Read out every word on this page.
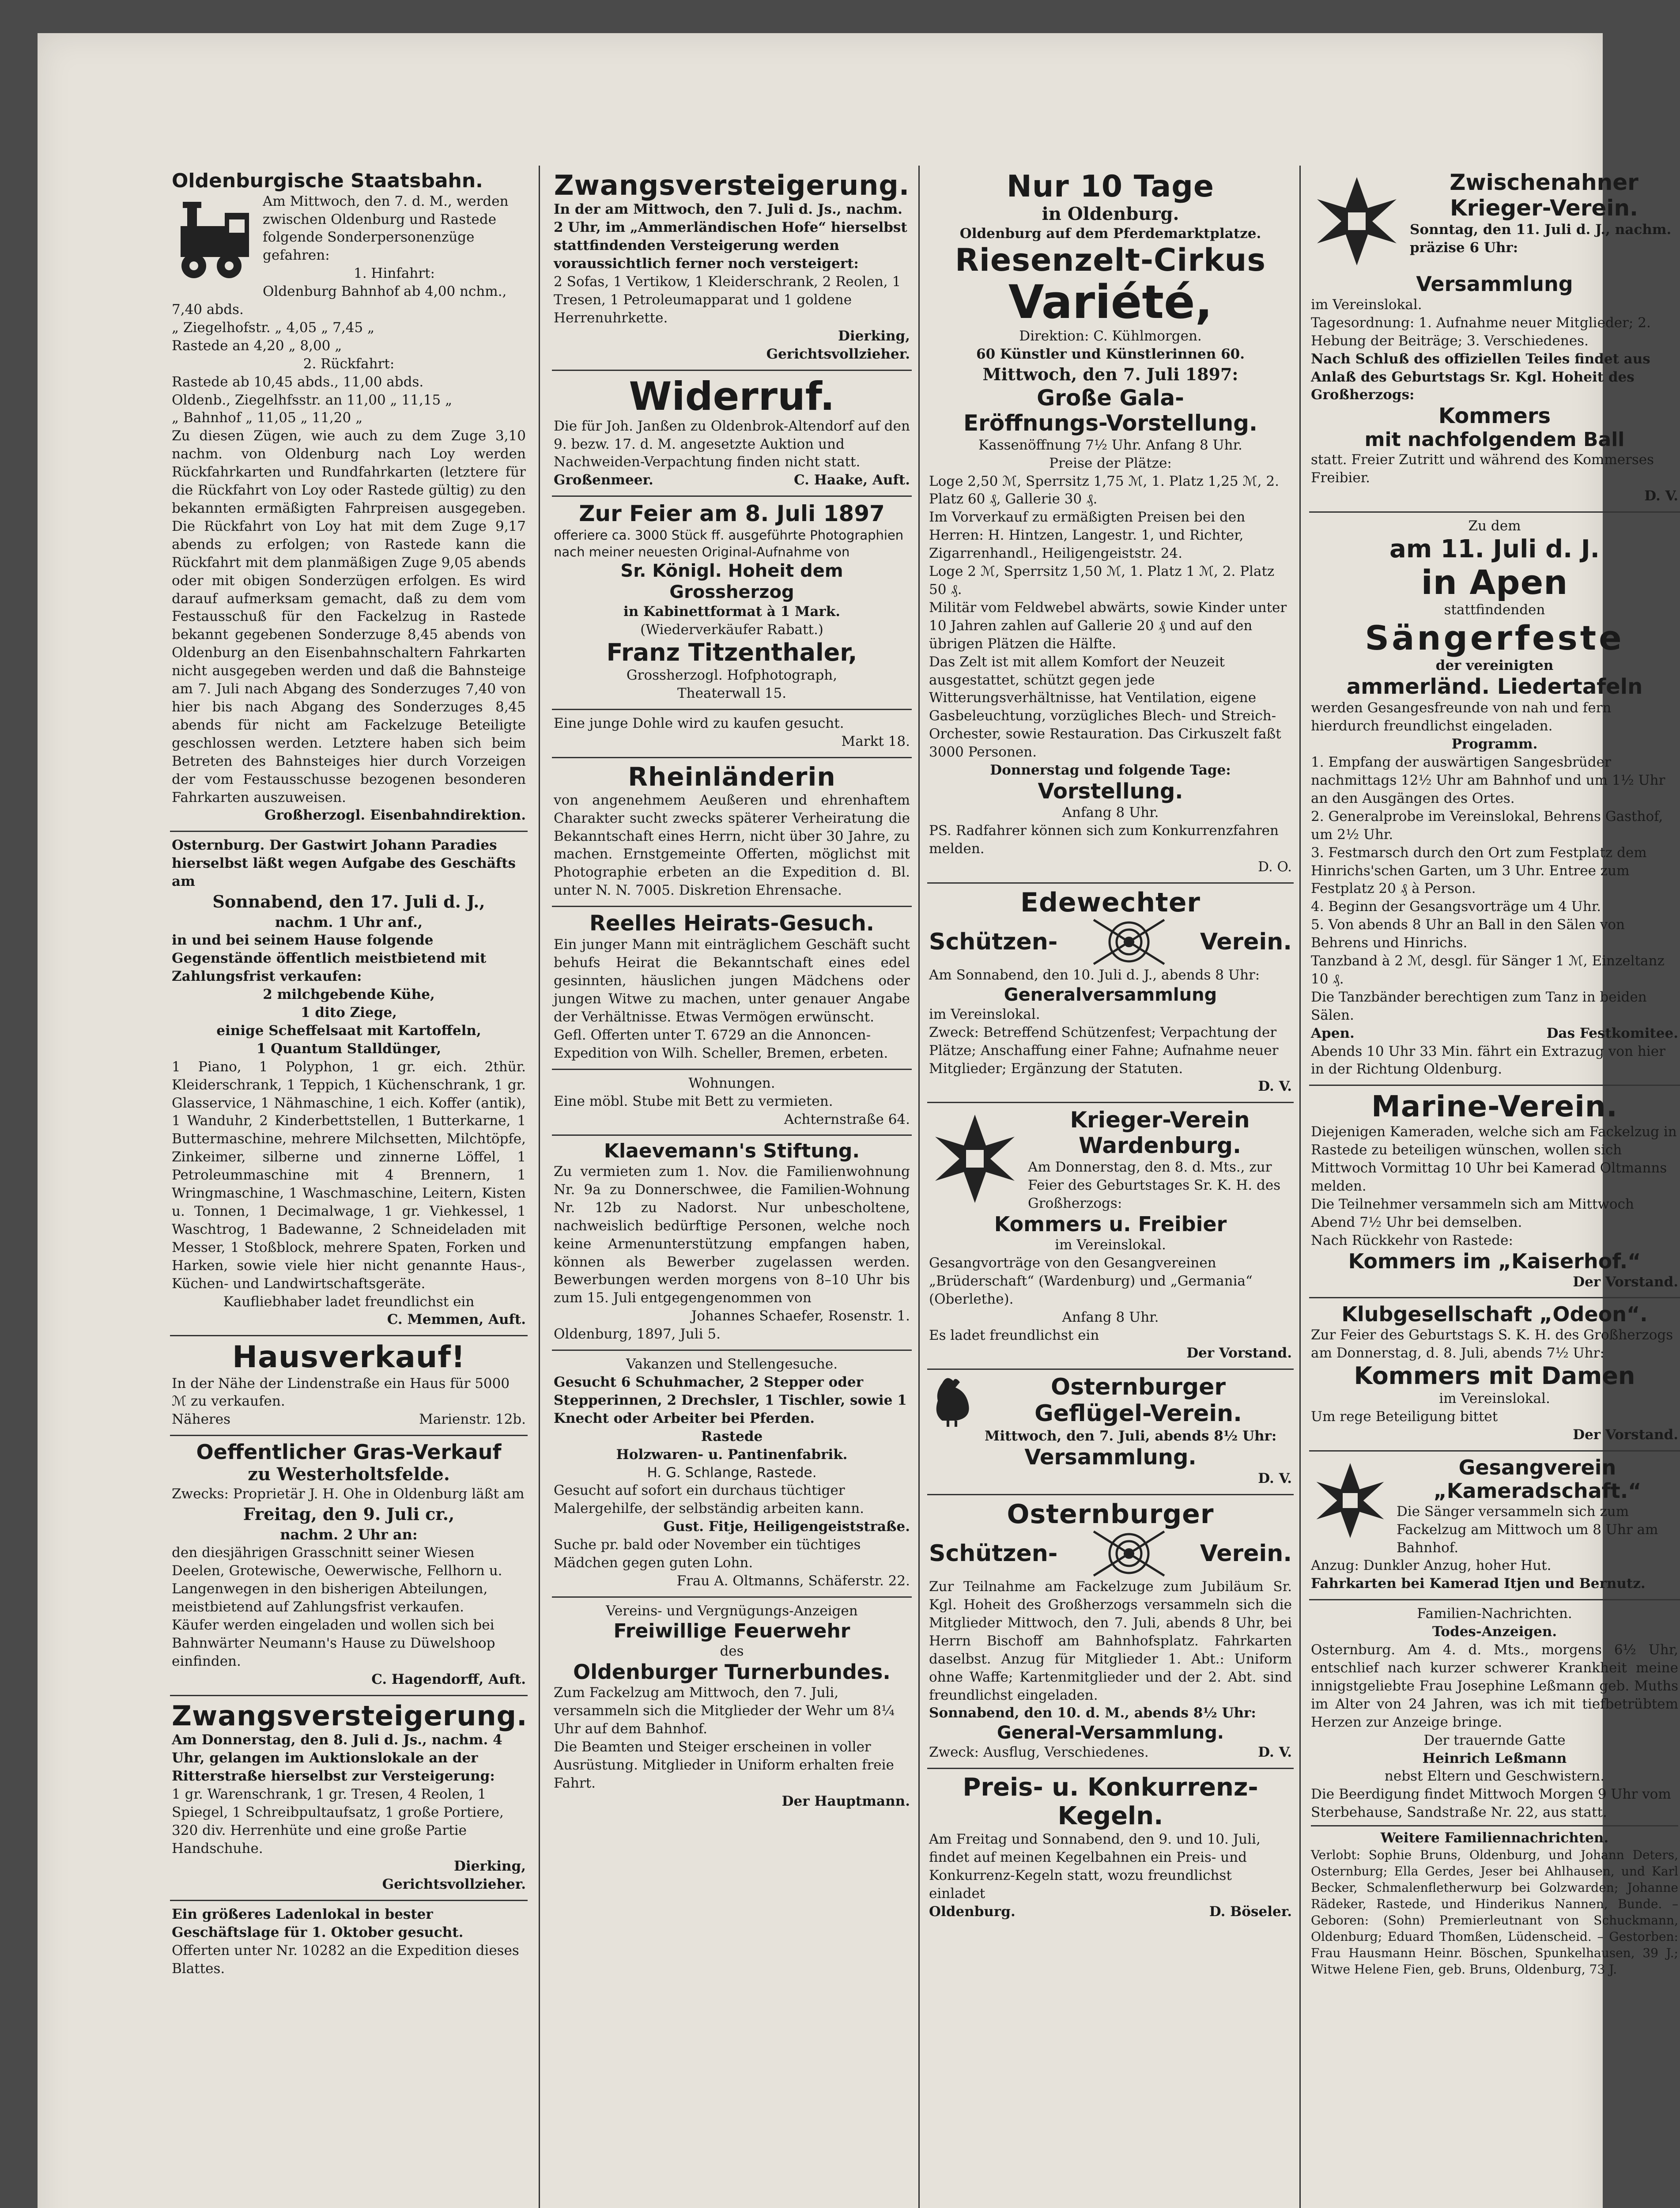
Oldenburgische Staatsbahn.
Am Mittwoch, den 7. d. M., werden zwischen Oldenburg und Rastede folgende Sonderpersonenzüge gefahren:
1. Hinfahrt:
Oldenburg Bahnhof ab 4,00 nchm., 7,40 abds.
„ Ziegelhofstr. „ 4,05 „ 7,45 „
Rastede an 4,20 „ 8,00 „
2. Rückfahrt:
Rastede ab 10,45 abds., 11,00 abds.
Oldenb., Ziegelhfsstr. an 11,00 „ 11,15 „
„ Bahnhof „ 11,05 „ 11,20 „
Zu diesen Zügen, wie auch zu dem Zuge 3,10 nachm. von Oldenburg nach Loy werden Rückfahrkarten und Rundfahrkarten (letztere für die Rückfahrt von Loy oder Rastede gültig) zu den bekannten ermäßigten Fahrpreisen ausgegeben. Die Rückfahrt von Loy hat mit dem Zuge 9,17 abends zu erfolgen; von Rastede kann die Rückfahrt mit dem planmäßigen Zuge 9,05 abends oder mit obigen Sonderzügen erfolgen. Es wird darauf aufmerksam gemacht, daß zu dem vom Festausschuß für den Fackelzug in Rastede bekannt gegebenen Sonderzuge 8,45 abends von Oldenburg an den Eisenbahnschaltern Fahrkarten nicht ausgegeben werden und daß die Bahnsteige am 7. Juli nach Abgang des Sonderzuges 7,40 von hier bis nach Abgang des Sonderzuges 8,45 abends für nicht am Fackelzuge Beteiligte geschlossen werden. Letztere haben sich beim Betreten des Bahnsteiges hier durch Vorzeigen der vom Festausschusse bezogenen besonderen Fahrkarten auszuweisen.
Großherzogl. Eisenbahndirektion.
Osternburg. Der Gastwirt Johann Paradies hierselbst läßt wegen Aufgabe des Geschäfts am
Sonnabend, den 17. Juli d. J.,
nachm. 1 Uhr anf.,
in und bei seinem Hause folgende Gegenstände öffentlich meistbietend mit Zahlungsfrist verkaufen:
2 milchgebende Kühe,
1 dito Ziege,
einige Scheffelsaat mit Kartoffeln,
1 Quantum Stalldünger,
1 Piano, 1 Polyphon, 1 gr. eich. 2thür. Kleiderschrank, 1 Teppich, 1 Küchenschrank, 1 gr. Glasservice, 1 Nähmaschine, 1 eich. Koffer (antik), 1 Wanduhr, 2 Kinderbettstellen, 1 Butterkarne, 1 Buttermaschine, mehrere Milchsetten, Milchtöpfe, Zinkeimer, silberne und zinnerne Löffel, 1 Petroleummaschine mit 4 Brennern, 1 Wringmaschine, 1 Waschmaschine, Leitern, Kisten u. Tonnen, 1 Decimalwage, 1 gr. Viehkessel, 1 Waschtrog, 1 Badewanne, 2 Schneideladen mit Messer, 1 Stoßblock, mehrere Spaten, Forken und Harken, sowie viele hier nicht genannte Haus-, Küchen- und Landwirtschaftsgeräte.
Kaufliebhaber ladet freundlichst ein
C. Memmen, Auft.
Hausverkauf!
In der Nähe der Lindenstraße ein Haus für 5000 ℳ zu verkaufen.
Näheres	Marienstr. 12b.
Oeffentlicher Gras-Verkauf
zu Westerholtsfelde.
Zwecks: Proprietär J. H. Ohe in Oldenburg läßt am
Freitag, den 9. Juli cr.,
nachm. 2 Uhr an:
den diesjährigen Grasschnitt seiner Wiesen Deelen, Grotewische, Oewerwische, Fellhorn u. Langenwegen in den bisherigen Abteilungen, meistbietend auf Zahlungsfrist verkaufen.
Käufer werden eingeladen und wollen sich bei Bahnwärter Neumann's Hause zu Düwelshoop einfinden.
C. Hagendorff, Auft.
Zwangsversteigerung.
Am Donnerstag, den 8. Juli d. Js., nachm. 4 Uhr, gelangen im Auktionslokale an der Ritterstraße hierselbst zur Versteigerung:
1 gr. Warenschrank, 1 gr. Tresen, 4 Reolen, 1 Spiegel, 1 Schreibpultaufsatz, 1 große Portiere, 320 div. Herrenhüte und eine große Partie Handschuhe.
Dierking,
Gerichtsvollzieher.
Ein größeres Ladenlokal in bester Geschäftslage für 1. Oktober gesucht.
Offerten unter Nr. 10282 an die Expedition dieses Blattes.
Zwangsversteigerung.
In der am Mittwoch, den 7. Juli d. Js., nachm. 2 Uhr, im „Ammerländischen Hofe“ hierselbst stattfindenden Versteigerung werden voraussichtlich ferner noch versteigert:
2 Sofas, 1 Vertikow, 1 Kleiderschrank, 2 Reolen, 1 Tresen, 1 Petroleumapparat und 1 goldene Herrenuhrkette.
Dierking,
Gerichtsvollzieher.
Widerruf.
Die für Joh. Janßen zu Oldenbrok-Altendorf auf den 9. bezw. 17. d. M. angesetzte Auktion und Nachweiden-Verpachtung finden nicht statt.
Großenmeer.	C. Haake, Auft.
Zur Feier am 8. Juli 1897
offeriere ca. 3000 Stück ff. ausgeführte Photographien nach meiner neuesten Original-Aufnahme von
Sr. Königl. Hoheit dem
Grossherzog
in Kabinettformat à 1 Mark.
(Wiederverkäufer Rabatt.)
Franz Titzenthaler,
Grossherzogl. Hofphotograph,
Theaterwall 15.
Eine junge Dohle wird zu kaufen gesucht.
Markt 18.
Rheinländerin
von angenehmem Aeußeren und ehrenhaftem Charakter sucht zwecks späterer Verheiratung die Bekanntschaft eines Herrn, nicht über 30 Jahre, zu machen. Ernstgemeinte Offerten, möglichst mit Photographie erbeten an die Expedition d. Bl. unter N. N. 7005. Diskretion Ehrensache.
Reelles Heirats-Gesuch.
Ein junger Mann mit einträglichem Geschäft sucht behufs Heirat die Bekanntschaft eines edel gesinnten, häuslichen jungen Mädchens oder jungen Witwe zu machen, unter genauer Angabe der Verhältnisse. Etwas Vermögen erwünscht.
Gefl. Offerten unter T. 6729 an die Annoncen-Expedition von Wilh. Scheller, Bremen, erbeten.
Wohnungen.
Eine möbl. Stube mit Bett zu vermieten.
Achternstraße 64.
Klaevemann's Stiftung.
Zu vermieten zum 1. Nov. die Familienwohnung Nr. 9a zu Donnerschwee, die Familien-Wohnung Nr. 12b zu Nadorst. Nur unbescholtene, nachweislich bedürftige Personen, welche noch keine Armenunterstützung empfangen haben, können als Bewerber zugelassen werden. Bewerbungen werden morgens von 8–10 Uhr bis zum 15. Juli entgegengenommen von
Johannes Schaefer, Rosenstr. 1.
Oldenburg, 1897, Juli 5.
Vakanzen und Stellengesuche.
Gesucht 6 Schuhmacher, 2 Stepper oder Stepperinnen, 2 Drechsler, 1 Tischler, sowie 1 Knecht oder Arbeiter bei Pferden.
Rastede
Holzwaren- u. Pantinenfabrik.
H. G. Schlange, Rastede.
Gesucht auf sofort ein durchaus tüchtiger Malergehilfe, der selbständig arbeiten kann.
Gust. Fitje, Heiligengeiststraße.
Suche pr. bald oder November ein tüchtiges Mädchen gegen guten Lohn.
Frau A. Oltmanns, Schäferstr. 22.
Vereins- und Vergnügungs-Anzeigen
Freiwillige Feuerwehr
des
Oldenburger Turnerbundes.
Zum Fackelzug am Mittwoch, den 7. Juli, versammeln sich die Mitglieder der Wehr um 8¼ Uhr auf dem Bahnhof.
Die Beamten und Steiger erscheinen in voller Ausrüstung. Mitglieder in Uniform erhalten freie Fahrt.
Der Hauptmann.
Nur 10 Tage
in Oldenburg.
Oldenburg auf dem Pferdemarktplatze.
Riesenzelt-Cirkus
Variété,
Direktion: C. Kühlmorgen.
60 Künstler und Künstlerinnen 60.
Mittwoch, den 7. Juli 1897:
Große Gala-
Eröffnungs-Vorstellung.
Kassenöffnung 7½ Uhr. Anfang 8 Uhr.
Preise der Plätze:
Loge 2,50 ℳ, Sperrsitz 1,75 ℳ, 1. Platz 1,25 ℳ, 2. Platz 60 ₰, Gallerie 30 ₰.
Im Vorverkauf zu ermäßigten Preisen bei den Herren: H. Hintzen, Langestr. 1, und Richter, Zigarrenhandl., Heiligengeiststr. 24.
Loge 2 ℳ, Sperrsitz 1,50 ℳ, 1. Platz 1 ℳ, 2. Platz 50 ₰.
Militär vom Feldwebel abwärts, sowie Kinder unter 10 Jahren zahlen auf Gallerie 20 ₰ und auf den übrigen Plätzen die Hälfte.
Das Zelt ist mit allem Komfort der Neuzeit ausgestattet, schützt gegen jede Witterungsverhältnisse, hat Ventilation, eigene Gasbeleuchtung, vorzügliches Blech- und Streich-Orchester, sowie Restauration. Das Cirkuszelt faßt 3000 Personen.
Donnerstag und folgende Tage:
Vorstellung.
Anfang 8 Uhr.
PS. Radfahrer können sich zum Konkurrenzfahren melden.
D. O.
Edewechter
Schützen-	Verein.
Am Sonnabend, den 10. Juli d. J., abends 8 Uhr:
Generalversammlung
im Vereinslokal.
Zweck: Betreffend Schützenfest; Verpachtung der Plätze; Anschaffung einer Fahne; Aufnahme neuer Mitglieder; Ergänzung der Statuten.
D. V.
Krieger-Verein
Wardenburg.
Am Donnerstag, den 8. d. Mts., zur Feier des Geburtstages Sr. K. H. des Großherzogs:
Kommers u. Freibier
im Vereinslokal.
Gesangvorträge von den Gesangvereinen „Brüderschaft“ (Wardenburg) und „Germania“ (Oberlethe).
Anfang 8 Uhr.
Es ladet freundlichst ein
Der Vorstand.
Osternburger
Geflügel-Verein.
Mittwoch, den 7. Juli, abends 8½ Uhr:
Versammlung.
D. V.
Osternburger
Schützen-	Verein.
Zur Teilnahme am Fackelzuge zum Jubiläum Sr. Kgl. Hoheit des Großherzogs versammeln sich die Mitglieder Mittwoch, den 7. Juli, abends 8 Uhr, bei Herrn Bischoff am Bahnhofsplatz. Fahrkarten daselbst. Anzug für Mitglieder 1. Abt.: Uniform ohne Waffe; Kartenmitglieder und der 2. Abt. sind freundlichst eingeladen.
Sonnabend, den 10. d. M., abends 8½ Uhr:
General-Versammlung.
Zweck: Ausflug, Verschiedenes.	D. V.
Preis- u. Konkurrenz-
Kegeln.
Am Freitag und Sonnabend, den 9. und 10. Juli, findet auf meinen Kegelbahnen ein Preis- und Konkurrenz-Kegeln statt, wozu freundlichst einladet
Oldenburg.	D. Böseler.
Zwischenahner
Krieger-Verein.
Sonntag, den 11. Juli d. J., nachm. präzise 6 Uhr:
Versammlung
im Vereinslokal.
Tagesordnung: 1. Aufnahme neuer Mitglieder; 2. Hebung der Beiträge; 3. Verschiedenes.
Nach Schluß des offiziellen Teiles findet aus Anlaß des Geburtstags Sr. Kgl. Hoheit des Großherzogs:
Kommers
mit nachfolgendem Ball
statt. Freier Zutritt und während des Kommerses Freibier.
D. V.
Zu dem
am 11. Juli d. J.
in Apen
stattfindenden
Sängerfeste
der vereinigten
ammerländ. Liedertafeln
werden Gesangesfreunde von nah und fern hierdurch freundlichst eingeladen.
Programm.
1. Empfang der auswärtigen Sangesbrüder nachmittags 12½ Uhr am Bahnhof und um 1½ Uhr an den Ausgängen des Ortes.
2. Generalprobe im Vereinslokal, Behrens Gasthof, um 2½ Uhr.
3. Festmarsch durch den Ort zum Festplatz dem Hinrichs'schen Garten, um 3 Uhr. Entree zum Festplatz 20 ₰ à Person.
4. Beginn der Gesangsvorträge um 4 Uhr.
5. Von abends 8 Uhr an Ball in den Sälen von Behrens und Hinrichs.
Tanzband à 2 ℳ, desgl. für Sänger 1 ℳ, Einzeltanz 10 ₰.
Die Tanzbänder berechtigen zum Tanz in beiden Sälen.
Apen.	Das Festkomitee.
Abends 10 Uhr 33 Min. fährt ein Extrazug von hier in der Richtung Oldenburg.
Marine-Verein.
Diejenigen Kameraden, welche sich am Fackelzug in Rastede zu beteiligen wünschen, wollen sich Mittwoch Vormittag 10 Uhr bei Kamerad Oltmanns melden.
Die Teilnehmer versammeln sich am Mittwoch Abend 7½ Uhr bei demselben.
Nach Rückkehr von Rastede:
Kommers im „Kaiserhof.“
Der Vorstand.
Klubgesellschaft „Odeon“.
Zur Feier des Geburtstags S. K. H. des Großherzogs am Donnerstag, d. 8. Juli, abends 7½ Uhr:
Kommers mit Damen
im Vereinslokal.
Um rege Beteiligung bittet
Der Vorstand.
Gesangverein
„Kameradschaft.“
Die Sänger versammeln sich zum Fackelzug am Mittwoch um 8 Uhr am Bahnhof.
Anzug: Dunkler Anzug, hoher Hut.
Fahrkarten bei Kamerad Itjen und Bernutz.
Familien-Nachrichten.
Todes-Anzeigen.
Osternburg. Am 4. d. Mts., morgens 6½ Uhr, entschlief nach kurzer schwerer Krankheit meine innigstgeliebte Frau Josephine Leßmann geb. Muths im Alter von 24 Jahren, was ich mit tiefbetrübtem Herzen zur Anzeige bringe.
Der trauernde Gatte
Heinrich Leßmann
nebst Eltern und Geschwistern.
Die Beerdigung findet Mittwoch Morgen 9 Uhr vom Sterbehause, Sandstraße Nr. 22, aus statt.
Weitere Familiennachrichten.
Verlobt: Sophie Bruns, Oldenburg, und Johann Deters, Osternburg; Ella Gerdes, Jeser bei Ahlhausen, und Karl Becker, Schmalenfletherwurp bei Golzwarden; Johanne Rädeker, Rastede, und Hinderikus Nannen, Bunde. – Geboren: (Sohn) Premierleutnant von Schuckmann, Oldenburg; Eduard Thomßen, Lüdenscheid. – Gestorben: Frau Hausmann Heinr. Böschen, Spunkelhausen, 39 J.; Witwe Helene Fien, geb. Bruns, Oldenburg, 73 J.
